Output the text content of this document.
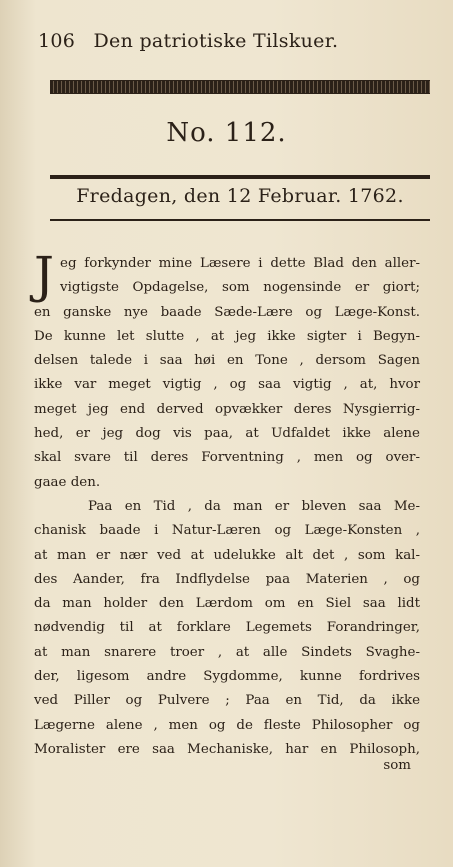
106 Den patriotiske Tilskuer.
No. 112.
Fredagen, den 12 Februar. 1762.
J eg forkynder mine Læsere i dette Blad den aller-
vigtigste Opdagelse, som nogensinde er giort;
en ganske nye baade Sæde-Lære og Læge-Konst.
De kunne let slutte , at jeg ikke sigter i Begyn-
delsen talede i saa høi en Tone , dersom Sagen
ikke var meget vigtig , og saa vigtig , at, hvor
meget jeg end derved opvækker deres Nysgierrig-
hed, er jeg dog vis paa, at Udfaldet ikke alene
skal svare til deres Forventning , men og over-
gaae den.
Paa en Tid , da man er bleven saa Me-
chanisk baade i Natur-Læren og Læge-Konsten ,
at man er nær ved at udelukke alt det , som kal-
des Aander, fra Indflydelse paa Materien , og
da man holder den Lærdom om en Siel saa lidt
nødvendig til at forklare Legemets Forandringer,
at man snarere troer , at alle Sindets Svaghe-
der, ligesom andre Sygdomme, kunne fordrives
ved Piller og Pulvere ; Paa en Tid, da ikke
Lægerne alene , men og de fleste Philosopher og
Moralister ere saa Mechaniske, har en Philosoph,
som
